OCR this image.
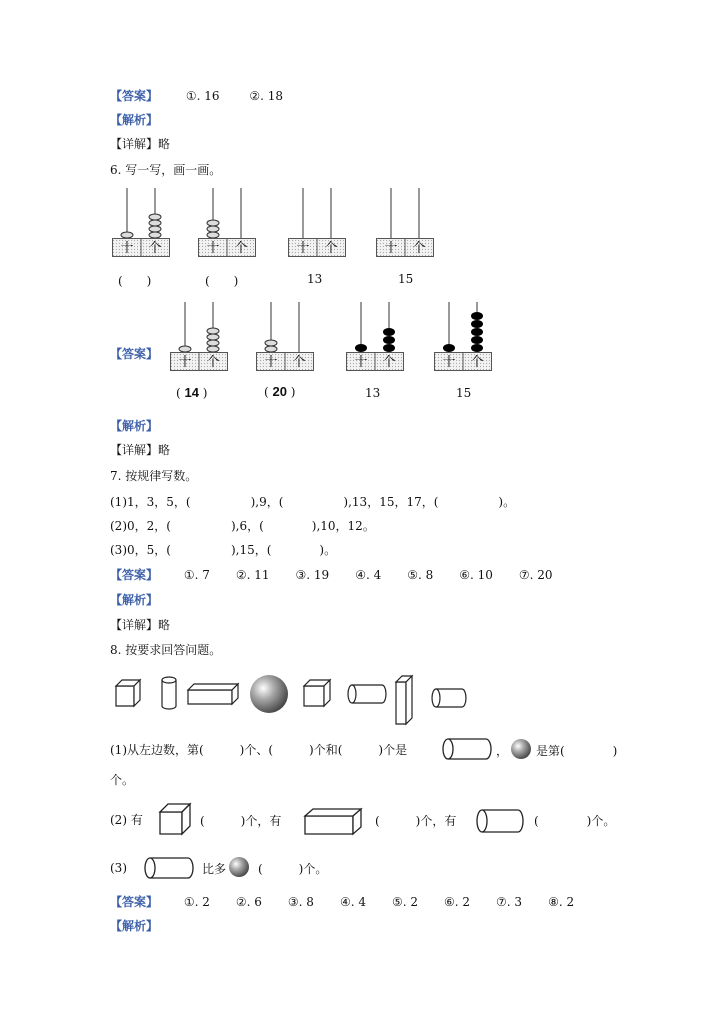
【答案】 ①. 16 ②. 18
【解析】
【详解】略
6. 写一写，画一画。
十 个	十 个	十 个	十 个
(　　)	(　　)	13	15
【答案】
十 个	十 个	十 个	十 个
( 14 )	( 20 )	13	15
【解析】
【详解】略
7. 按规律写数。
(1)1，3，5，(　　　　　),9，(　　　　　),13，15，17，(　　　　　)。
(2)0，2，(　　　　　),6，(　　　　),10，12。
(3)0，5，(　　　　　),15，(　　　　)。
【答案】 ①. 7 ②. 11 ③. 19 ④. 4 ⑤. 8 ⑥. 10 ⑦. 20
【解析】
【详解】略
8. 按要求回答问题。
(1)从左边数，第(　　　)个、(　　　)个和(　　　)个是	， 是第(　　　　)
个。
(2) 有	(　　　)个，有	(　　　)个，有	(　　　　)个。
(3)	比多	(　　　)个。
【答案】 ①. 2 ②. 6 ③. 8 ④. 4 ⑤. 2 ⑥. 2 ⑦. 3 ⑧. 2
【解析】
